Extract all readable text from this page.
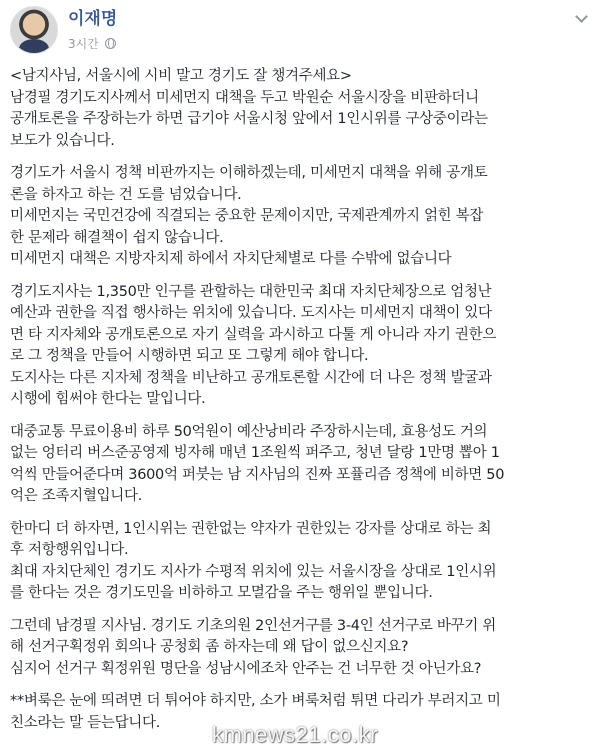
이재명
3시간
<남지사님, 서울시에 시비 말고 경기도 잘 챙겨주세요>
남경필 경기도지사께서 미세먼지 대책을 두고 박원순 서울시장을 비판하더니
공개토론을 주장하는가 하면 급기야 서울시청 앞에서 1인시위를 구상중이라는
보도가 있습니다.
경기도가 서울시 정책 비판까지는 이해하겠는데, 미세먼지 대책을 위해 공개토
론을 하자고 하는 건 도를 넘었습니다.
미세먼지는 국민건강에 직결되는 중요한 문제이지만, 국제관계까지 얽힌 복잡
한 문제라 해결책이 쉽지 않습니다.
미세먼지 대책은 지방자치제 하에서 자치단체별로 다를 수밖에 없습니다
경기도지사는 1,350만 인구를 관할하는 대한민국 최대 자치단체장으로 엄청난
예산과 권한을 직접 행사하는 위치에 있습니다. 도지사는 미세먼지 대책이 있다
면 타 지자체와 공개토론으로 자기 실력을 과시하고 다툴 게 아니라 자기 권한으
로 그 정책을 만들어 시행하면 되고 또 그렇게 해야 합니다.
도지사는 다른 지자체 정책을 비난하고 공개토론할 시간에 더 나은 정책 발굴과
시행에 힘써야 한다는 말입니다.
대중교통 무료이용비 하루 50억원이 예산낭비라 주장하시는데, 효용성도 거의
없는 엉터리 버스준공영제 빙자해 매년 1조원씩 퍼주고, 청년 달랑 1만명 뽑아 1
억씩 만들어준다며 3600억 퍼붓는 남 지사님의 진짜 포퓰리즘 정책에 비하면 50
억은 조족지혈입니다.
한마디 더 하자면, 1인시위는 권한없는 약자가 권한있는 강자를 상대로 하는 최
후 저항행위입니다.
최대 자치단체인 경기도 지사가 수평적 위치에 있는 서울시장을 상대로 1인시위
를 한다는 것은 경기도민을 비하하고 모멸감을 주는 행위일 뿐입니다.
그런데 남경필 지사님. 경기도 기초의원 2인선거구를 3-4인 선거구로 바꾸기 위
해 선거구획정위 회의나 공청회 좀 하자는데 왜 답이 없으신지요?
심지어 선거구 획정위원 명단을 성남시에조차 안주는 건 너무한 것 아닌가요?
**벼룩은 눈에 띄려면 더 튀어야 하지만, 소가 벼룩처럼 튀면 다리가 부러지고 미
친소라는 말 듣는답니다.	kmnews21.co.kr
